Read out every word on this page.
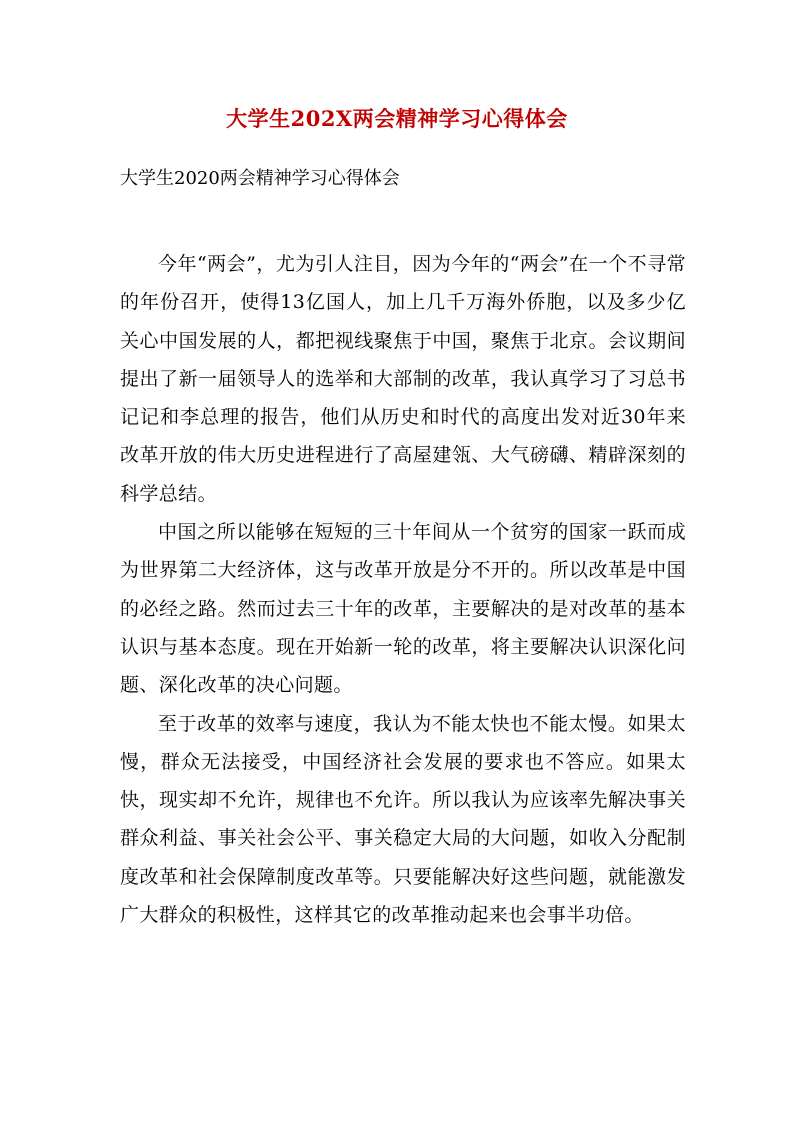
大学生202X两会精神学习心得体会

大学生2020两会精神学习心得体会

今年“两会”，尤为引人注目，因为今年的“两会”在一个不寻常的年份召开，使得13亿国人，加上几千万海外侨胞，以及多少亿关心中国发展的人，都把视线聚焦于中国，聚焦于北京。会议期间提出了新一届领导人的选举和大部制的改革，我认真学习了习总书记记和李总理的报告，他们从历史和时代的高度出发对近30年来改革开放的伟大历史进程进行了高屋建瓴、大气磅礴、精辟深刻的科学总结。

中国之所以能够在短短的三十年间从一个贫穷的国家一跃而成为世界第二大经济体，这与改革开放是分不开的。所以改革是中国的必经之路。然而过去三十年的改革，主要解决的是对改革的基本认识与基本态度。现在开始新一轮的改革，将主要解决认识深化问题、深化改革的决心问题。

至于改革的效率与速度，我认为不能太快也不能太慢。如果太慢，群众无法接受，中国经济社会发展的要求也不答应。如果太快，现实却不允许，规律也不允许。所以我认为应该率先解决事关群众利益、事关社会公平、事关稳定大局的大问题，如收入分配制度改革和社会保障制度改革等。只要能解决好这些问题，就能激发广大群众的积极性，这样其它的改革推动起来也会事半功倍。
